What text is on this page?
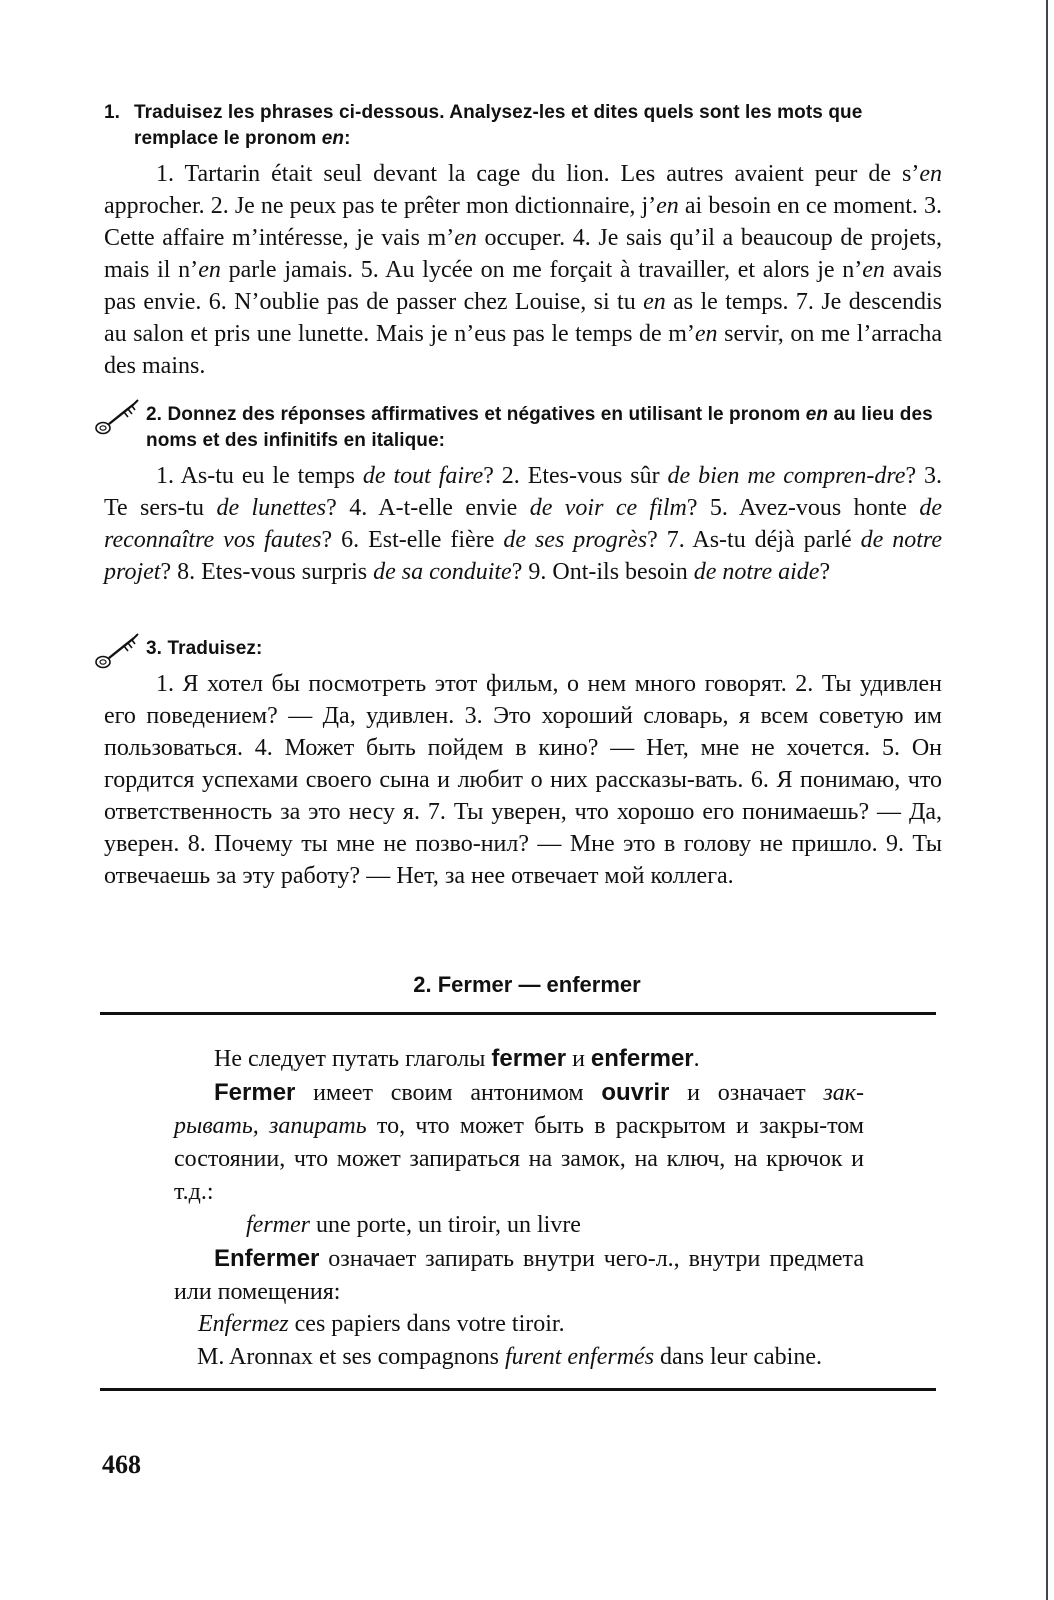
1. Traduisez les phrases ci-dessous. Analysez-les et dites quels sont les mots que remplace le pronom en:

1. Tartarin était seul devant la cage du lion. Les autres avaient peur de s’en approcher. 2. Je ne peux pas te prêter mon dictionnaire, j’en ai besoin en ce moment. 3. Cette affaire m’intéresse, je vais m’en occuper. 4. Je sais qu’il a beaucoup de projets, mais il n’en parle jamais. 5. Au lycée on me forçait à travailler, et alors je n’en avais pas envie. 6. N’oublie pas de passer chez Louise, si tu en as le temps. 7. Je descendis au salon et pris une lunette. Mais je n’eus pas le temps de m’en servir, on me l’arracha des mains.

2. Donnez des réponses affirmatives et négatives en utilisant le pronom en au lieu des noms et des infinitifs en italique:

1. As-tu eu le temps de tout faire? 2. Etes-vous sûr de bien me compren-dre? 3. Te sers-tu de lunettes? 4. A-t-elle envie de voir ce film? 5. Avez-vous honte de reconnaître vos fautes? 6. Est-elle fière de ses progrès? 7. As-tu déjà parlé de notre projet? 8. Etes-vous surpris de sa conduite? 9. Ont-ils besoin de notre aide?

3. Traduisez:

1. Я хотел бы посмотреть этот фильм, о нем много говорят. 2. Ты удивлен его поведением? — Да, удивлен. 3. Это хороший словарь, я всем советую им пользоваться. 4. Может быть пойдем в кино? — Нет, мне не хочется. 5. Он гордится успехами своего сына и любит о них рассказы-вать. 6. Я понимаю, что ответственность за это несу я. 7. Ты уверен, что хорошо его понимаешь? — Да, уверен. 8. Почему ты мне не позво-нил? — Мне это в голову не пришло. 9. Ты отвечаешь за эту работу? — Нет, за нее отвечает мой коллега.

2. Fermer — enfermer

Не следует путать глаголы fermer и enfermer.

Fermer имеет своим антонимом ouvrir и означает зак-рывать, запирать то, что может быть в раскрытом и закры-том состоянии, что может запираться на замок, на ключ, на крючок и т.д.:

fermer une porte, un tiroir, un livre

Enfermer означает запирать внутри чего-л., внутри предмета или помещения:

Enfermez ces papiers dans votre tiroir.

M. Aronnax et ses compagnons furent enfermés dans leur cabine.

468
